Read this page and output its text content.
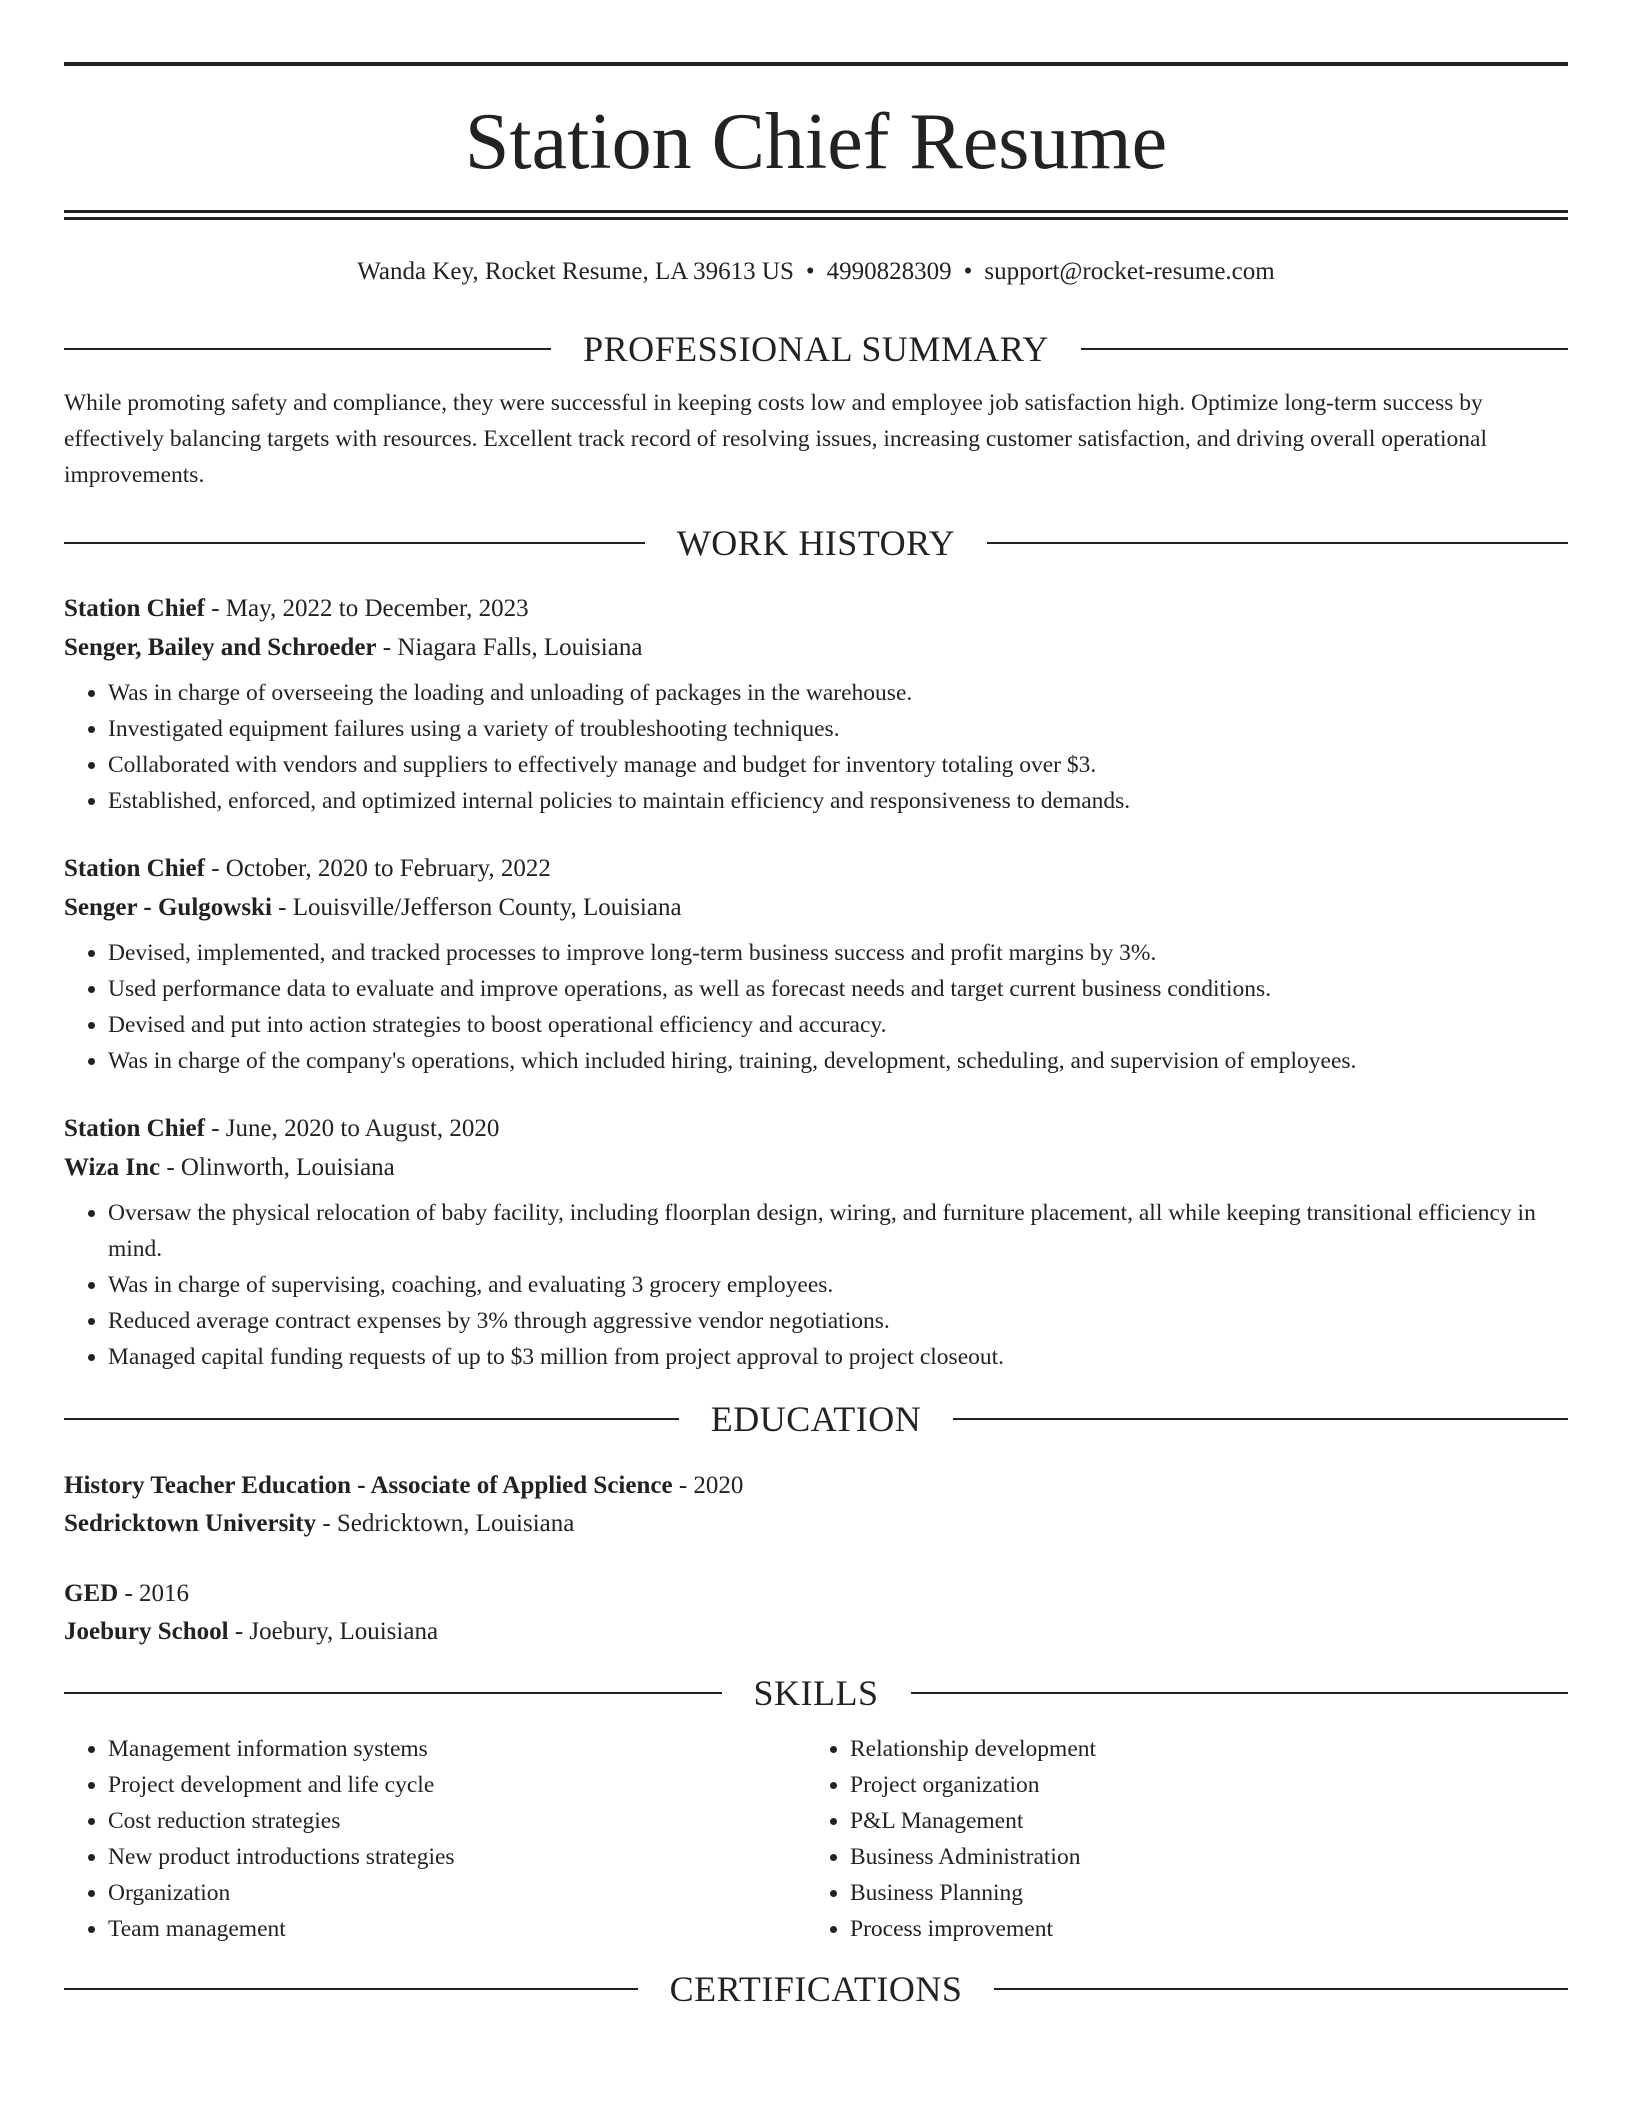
Station Chief Resume
Wanda Key, Rocket Resume, LA 39613 US • 4990828309 • support@rocket-resume.com
PROFESSIONAL SUMMARY

While promoting safety and compliance, they were successful in keeping costs low and employee job satisfaction high. Optimize long-term success by effectively balancing targets with resources. Excellent track record of resolving issues, increasing customer satisfaction, and driving overall operational improvements.

WORK HISTORY
Station Chief - May, 2022 to December, 2023
Senger, Bailey and Schroeder - Niagara Falls, Louisiana
• Was in charge of overseeing the loading and unloading of packages in the warehouse.
• Investigated equipment failures using a variety of troubleshooting techniques.
• Collaborated with vendors and suppliers to effectively manage and budget for inventory totaling over $3.
• Established, enforced, and optimized internal policies to maintain efficiency and responsiveness to demands.
Station Chief - October, 2020 to February, 2022
Senger - Gulgowski - Louisville/Jefferson County, Louisiana
• Devised, implemented, and tracked processes to improve long-term business success and profit margins by 3%.
• Used performance data to evaluate and improve operations, as well as forecast needs and target current business conditions.
• Devised and put into action strategies to boost operational efficiency and accuracy.
• Was in charge of the company's operations, which included hiring, training, development, scheduling, and supervision of employees.
Station Chief - June, 2020 to August, 2020
Wiza Inc - Olinworth, Louisiana
• Oversaw the physical relocation of baby facility, including floorplan design, wiring, and furniture placement, all while keeping transitional efficiency in mind.
• Was in charge of supervising, coaching, and evaluating 3 grocery employees.
• Reduced average contract expenses by 3% through aggressive vendor negotiations.
• Managed capital funding requests of up to $3 million from project approval to project closeout.
EDUCATION
History Teacher Education - Associate of Applied Science - 2020
Sedricktown University - Sedricktown, Louisiana
GED - 2016
Joebury School - Joebury, Louisiana
SKILLS
• Management information systems
• Project development and life cycle
• Cost reduction strategies
• New product introductions strategies
• Organization
• Team management
• Relationship development
• Project organization
• P&L Management
• Business Administration
• Business Planning
• Process improvement
CERTIFICATIONS
